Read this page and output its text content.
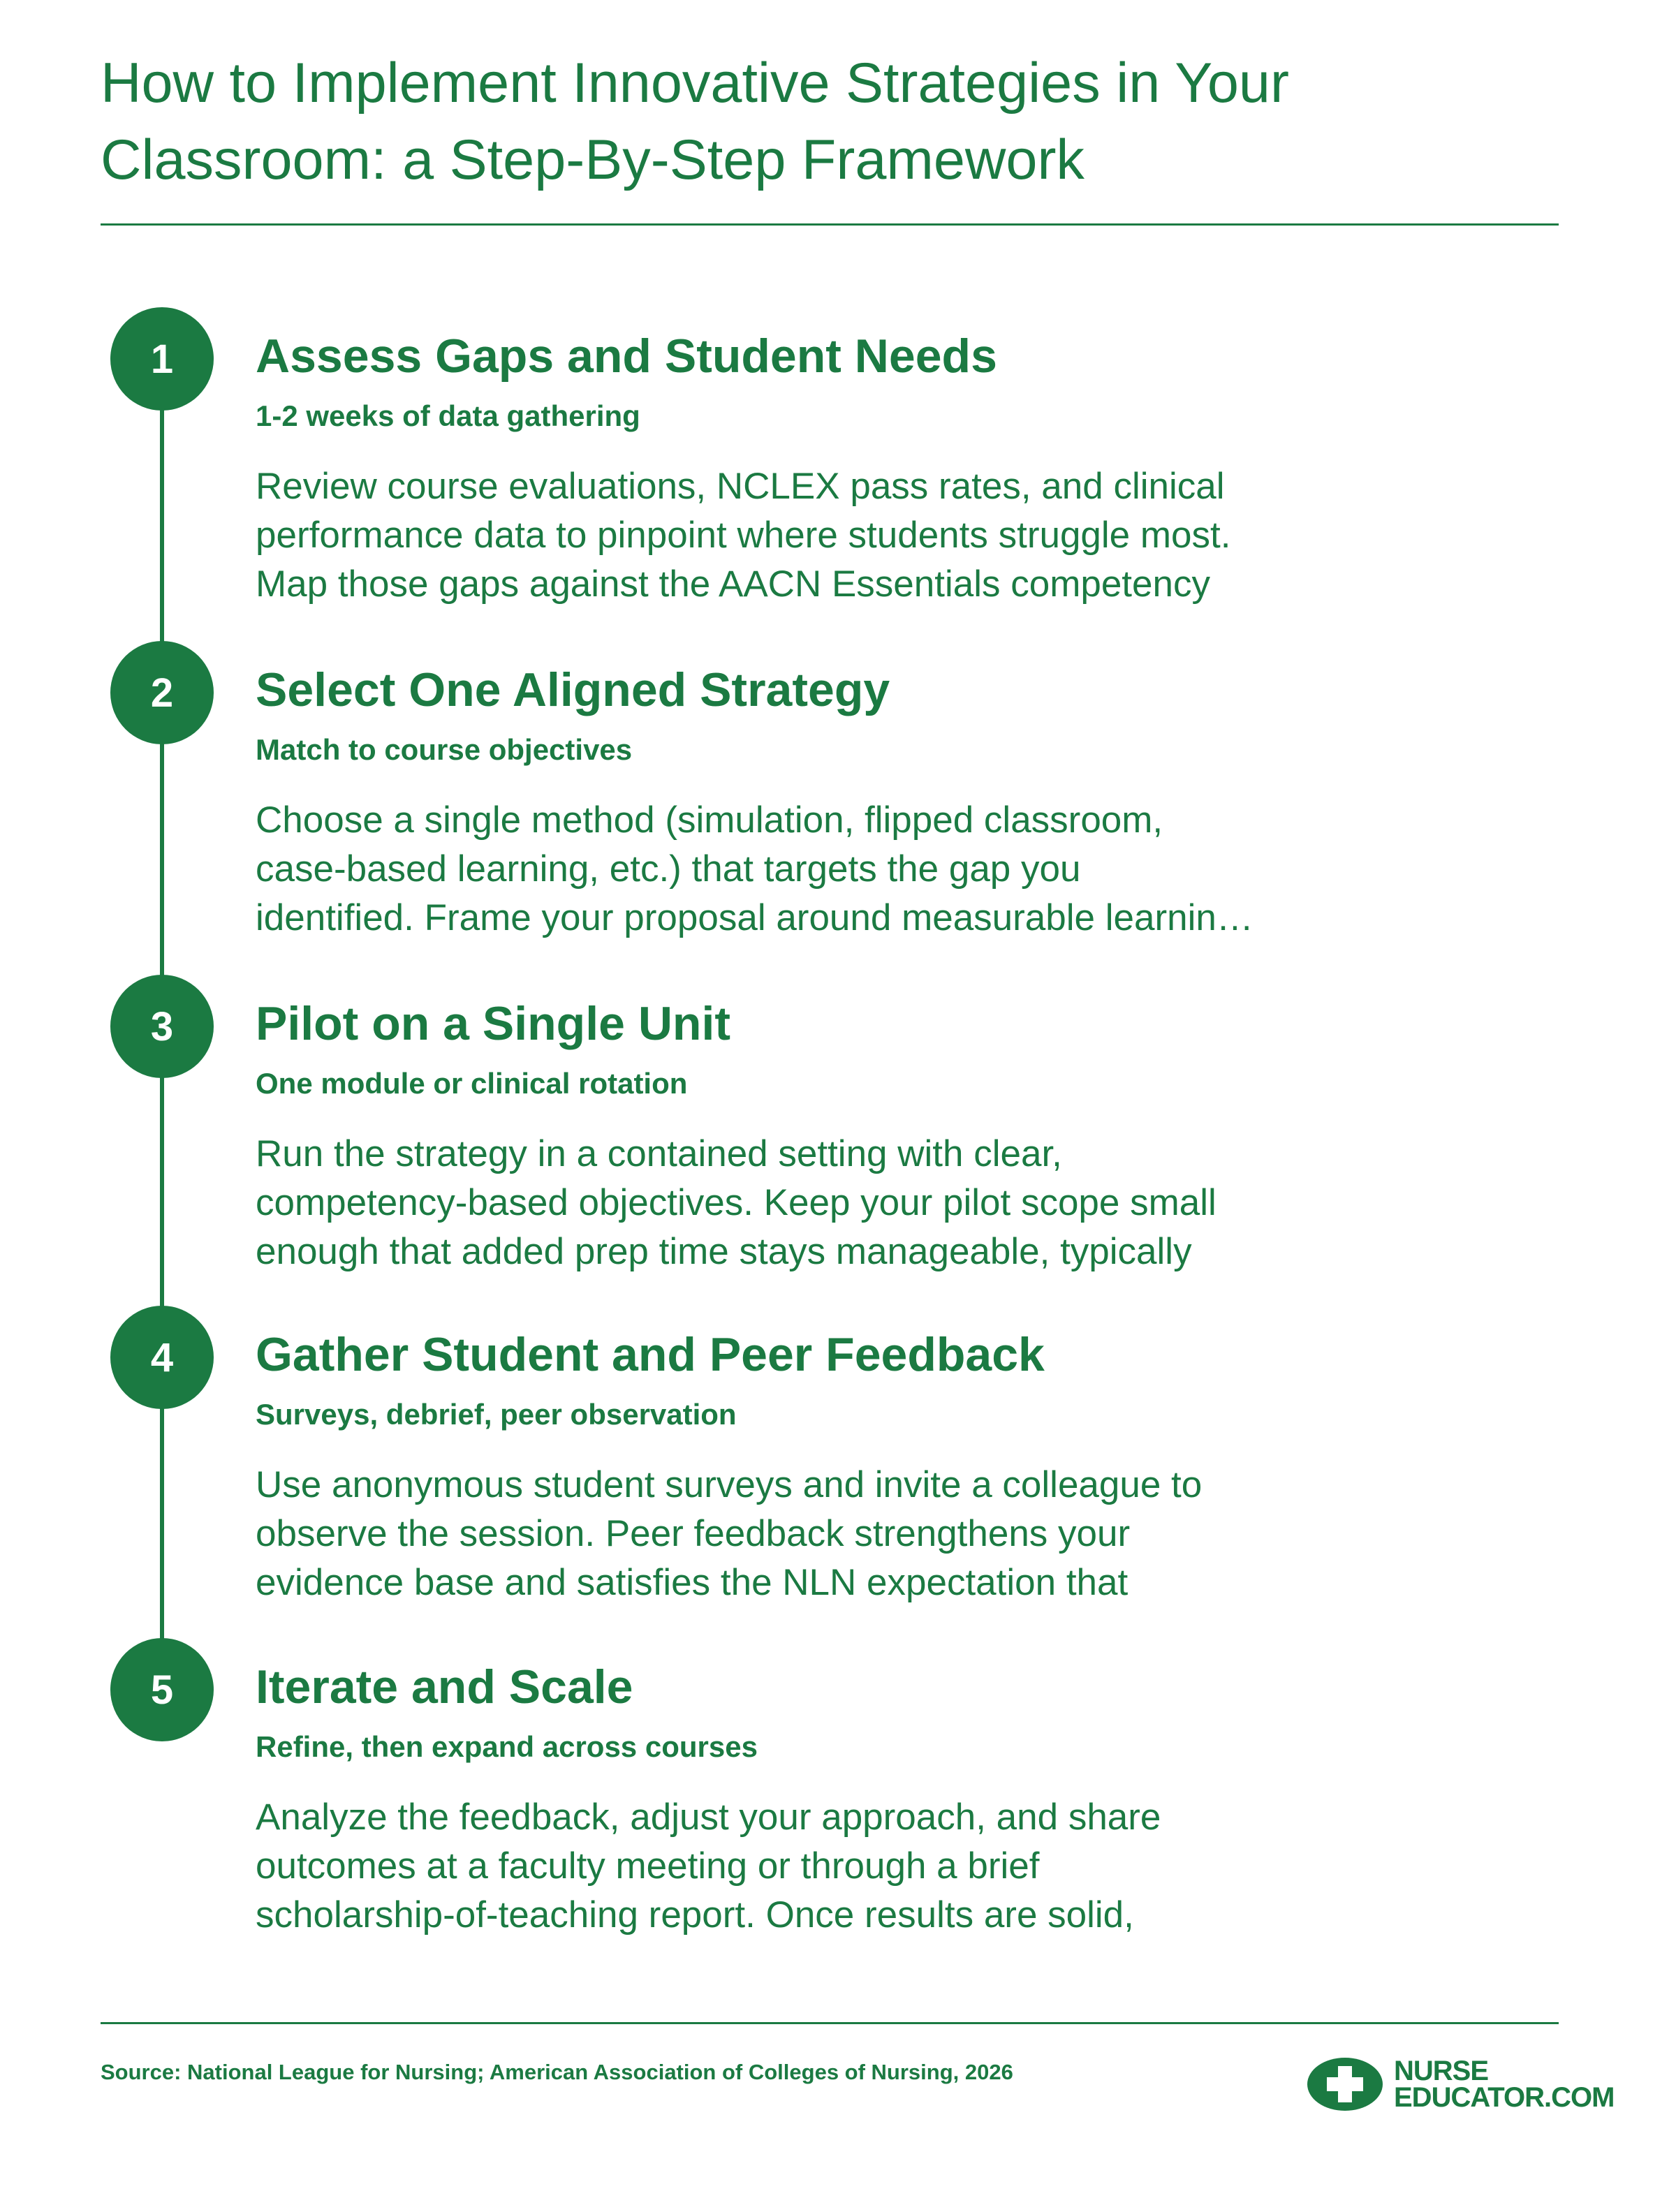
How to Implement Innovative Strategies in Your
Classroom: a Step-By-Step Framework
1	Assess Gaps and Student Needs
1-2 weeks of data gathering
Review course evaluations, NCLEX pass rates, and clinical
performance data to pinpoint where students struggle most.
Map those gaps against the AACN Essentials competency
2	Select One Aligned Strategy
Match to course objectives
Choose a single method (simulation, flipped classroom,
case-based learning, etc.) that targets the gap you
identified. Frame your proposal around measurable learnin…
3	Pilot on a Single Unit
One module or clinical rotation
Run the strategy in a contained setting with clear,
competency-based objectives. Keep your pilot scope small
enough that added prep time stays manageable, typically
4	Gather Student and Peer Feedback
Surveys, debrief, peer observation
Use anonymous student surveys and invite a colleague to
observe the session. Peer feedback strengthens your
evidence base and satisfies the NLN expectation that
5	Iterate and Scale
Refine, then expand across courses
Analyze the feedback, adjust your approach, and share
outcomes at a faculty meeting or through a brief
scholarship-of-teaching report. Once results are solid,
Source: National League for Nursing; American Association of Colleges of Nursing, 2026	NURSE
EDUCATOR.COM
